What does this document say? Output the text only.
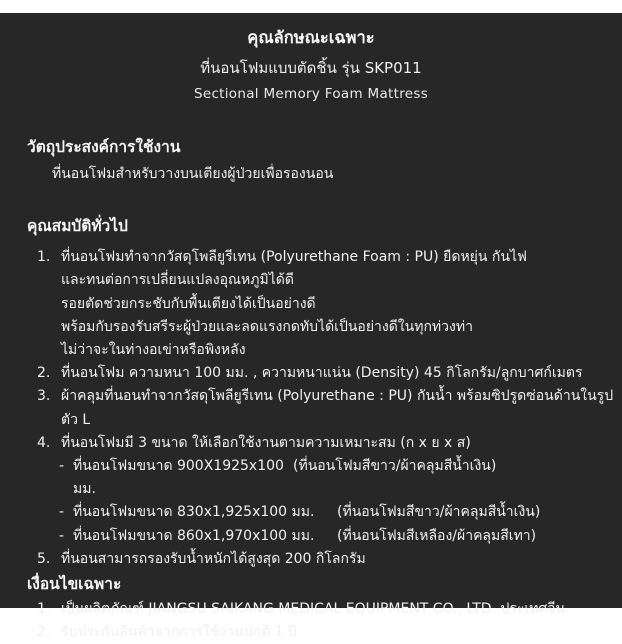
คุณลักษณะเฉพาะ
ที่นอนโฟมแบบตัดชิ้น รุ่น SKP011
Sectional Memory Foam Mattress
วัตถุประสงค์การใช้งาน
ที่นอนโฟมสำหรับวางบนเตียงผู้ป่วยเพื่อรองนอน
คุณสมบัติทั่วไป
1. ที่นอนโฟมทำจากวัสดุโพลียูรีเทน (Polyurethane Foam : PU) ยืดหยุ่น กันไฟ
และทนต่อการเปลี่ยนแปลงอุณหภูมิได้ดี
รอยตัดช่วยกระชับกับพื้นเตียงได้เป็นอย่างดี
พร้อมกับรองรับสรีระผู้ป่วยและลดแรงกดทับได้เป็นอย่างดีในทุกท่วงท่า
ไม่ว่าจะในท่างอเข่าหรือพิงหลัง
2. ที่นอนโฟม ความหนา 100 มม. , ความหนาแน่น (Density) 45 กิโลกรัม/ลูกบาศก์เมตร
3. ผ้าคลุมที่นอนทำจากวัสดุโพลียูรีเทน (Polyurethane : PU) กันน้ำ พร้อมซิปรูดซ่อนด้านในรูปตัว L
4. ที่นอนโฟมมี 3 ขนาด ให้เลือกใช้งานตามความเหมาะสม (ก x ย x ส)
- ที่นอนโฟมขนาด 900X1925x100 มม.
(ที่นอนโฟมสีขาว/ผ้าคลุมสีน้ำเงิน)
- ที่นอนโฟมขนาด 830x1,925x100 มม.	(ที่นอนโฟมสีขาว/ผ้าคลุมสีน้ำเงิน)
- ที่นอนโฟมขนาด 860x1,970x100 มม.	(ที่นอนโฟมสีเหลือง/ผ้าคลุมสีเทา)
5. ที่นอนสามารถรองรับน้ำหนักได้สูงสุด 200 กิโลกรัม
เงื่อนไขเฉพาะ
1. เป็นผลิตภัณฑ์ JIANGSU SAIKANG MEDICAL EQUIPMENT CO., LTD. ประเทศจีน
2. รับประกันสินค้าจากการใช้งานปกติ 1 ปี
